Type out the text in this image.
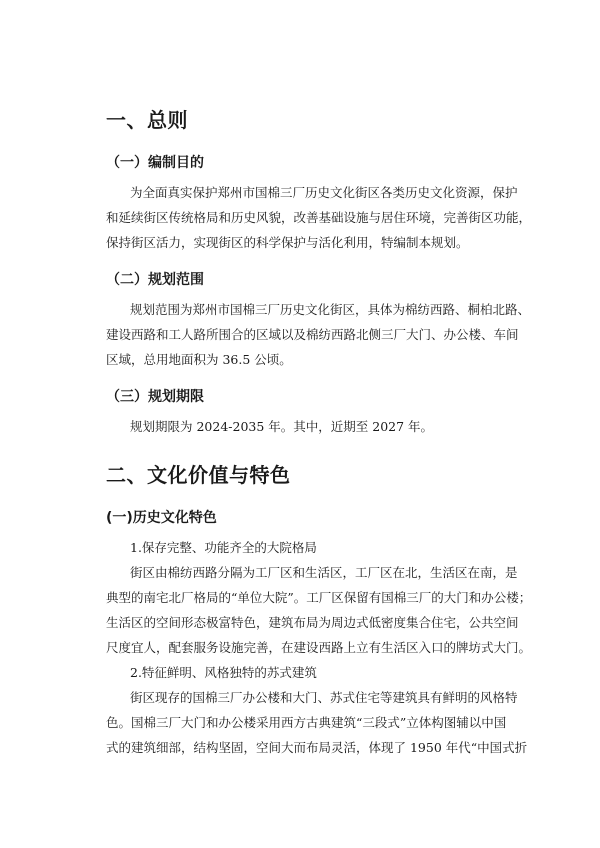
一、总则
（一）编制目的
为全面真实保护郑州市国棉三厂历史文化街区各类历史文化资源，保护
和延续街区传统格局和历史风貌，改善基础设施与居住环境，完善街区功能，
保持街区活力，实现街区的科学保护与活化利用，特编制本规划。
（二）规划范围
规划范围为郑州市国棉三厂历史文化街区，具体为棉纺西路、桐柏北路、
建设西路和工人路所围合的区域以及棉纺西路北侧三厂大门、办公楼、车间
区域，总用地面积为 36.5 公顷。
（三）规划期限
规划期限为 2024-2035 年。其中，近期至 2027 年。
二、文化价值与特色
(一)历史文化特色
1.保存完整、功能齐全的大院格局
街区由棉纺西路分隔为工厂区和生活区，工厂区在北，生活区在南，是
典型的南宅北厂格局的“单位大院”。工厂区保留有国棉三厂的大门和办公楼；
生活区的空间形态极富特色，建筑布局为周边式低密度集合住宅，公共空间
尺度宜人，配套服务设施完善，在建设西路上立有生活区入口的牌坊式大门。
2.特征鲜明、风格独特的苏式建筑
街区现存的国棉三厂办公楼和大门、苏式住宅等建筑具有鲜明的风格特
色。国棉三厂大门和办公楼采用西方古典建筑“三段式”立体构图辅以中国
式的建筑细部，结构坚固，空间大而布局灵活，体现了 1950 年代“中国式折
